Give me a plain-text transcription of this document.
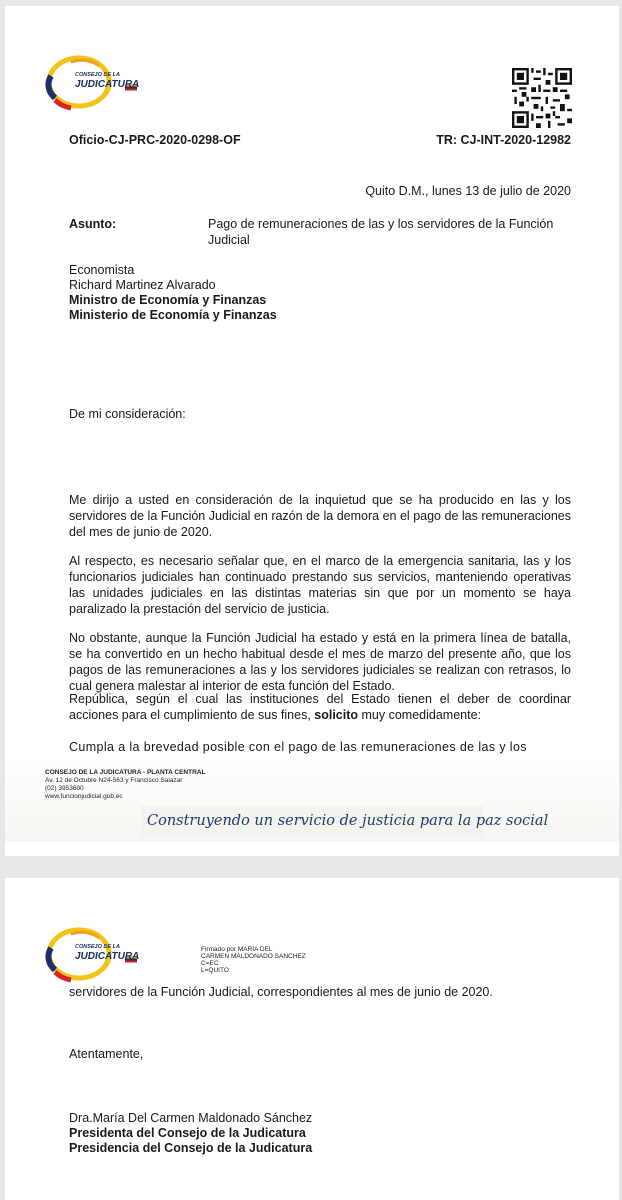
CONSEJO DE LA
JUDICATURA
Oficio-CJ-PRC-2020-0298-OF	TR: CJ-INT-2020-12982
Quito D.M., lunes 13 de julio de 2020
Asunto:	Pago de remuneraciones de las y los servidores de la Función
Judicial
Economista
Richard Martinez Alvarado
Ministro de Economía y Finanzas
Ministerio de Economía y Finanzas
De mi consideración:
Me dirijo a usted en consideración de la inquietud que se ha producido en las y los servidores de la Función Judicial en razón de la demora en el pago de las remuneraciones del mes de junio de 2020.
Al respecto, es necesario señalar que, en el marco de la emergencia sanitaria, las y los funcionarios judiciales han continuado prestando sus servicios, manteniendo operativas las unidades judiciales en las distintas materias sin que por un momento se haya paralizado la prestación del servicio de justicia.
No obstante, aunque la Función Judicial ha estado y está en la primera línea de batalla, se ha convertido en un hecho habitual desde el mes de marzo del presente año, que los pagos de las remuneraciones a las y los servidores judiciales se realizan con retrasos, lo cual genera malestar al interior de esta función del Estado.
República, según el cual las instituciones del Estado tienen el deber de coordinar acciones para el cumplimiento de sus fines, solicito muy comedidamente:
Cumpla a la brevedad posible con el pago de las remuneraciones de las y los
CONSEJO DE LA JUDICATURA - PLANTA CENTRAL
Av. 12 de Octubre N24-563 y Francisco Salazar
(02) 3953600
www.funcionjudicial.gob.ec
Construyendo un servicio de justicia para la paz social
CONSEJO DE LA
JUDICATURA
Firmado por MARIA DEL
CARMEN MALDONADO SANCHEZ
C=EC
L=QUITO
servidores de la Función Judicial, correspondientes al mes de junio de 2020.
Atentamente,
Dra.María Del Carmen Maldonado Sánchez
Presidenta del Consejo de la Judicatura
Presidencia del Consejo de la Judicatura
